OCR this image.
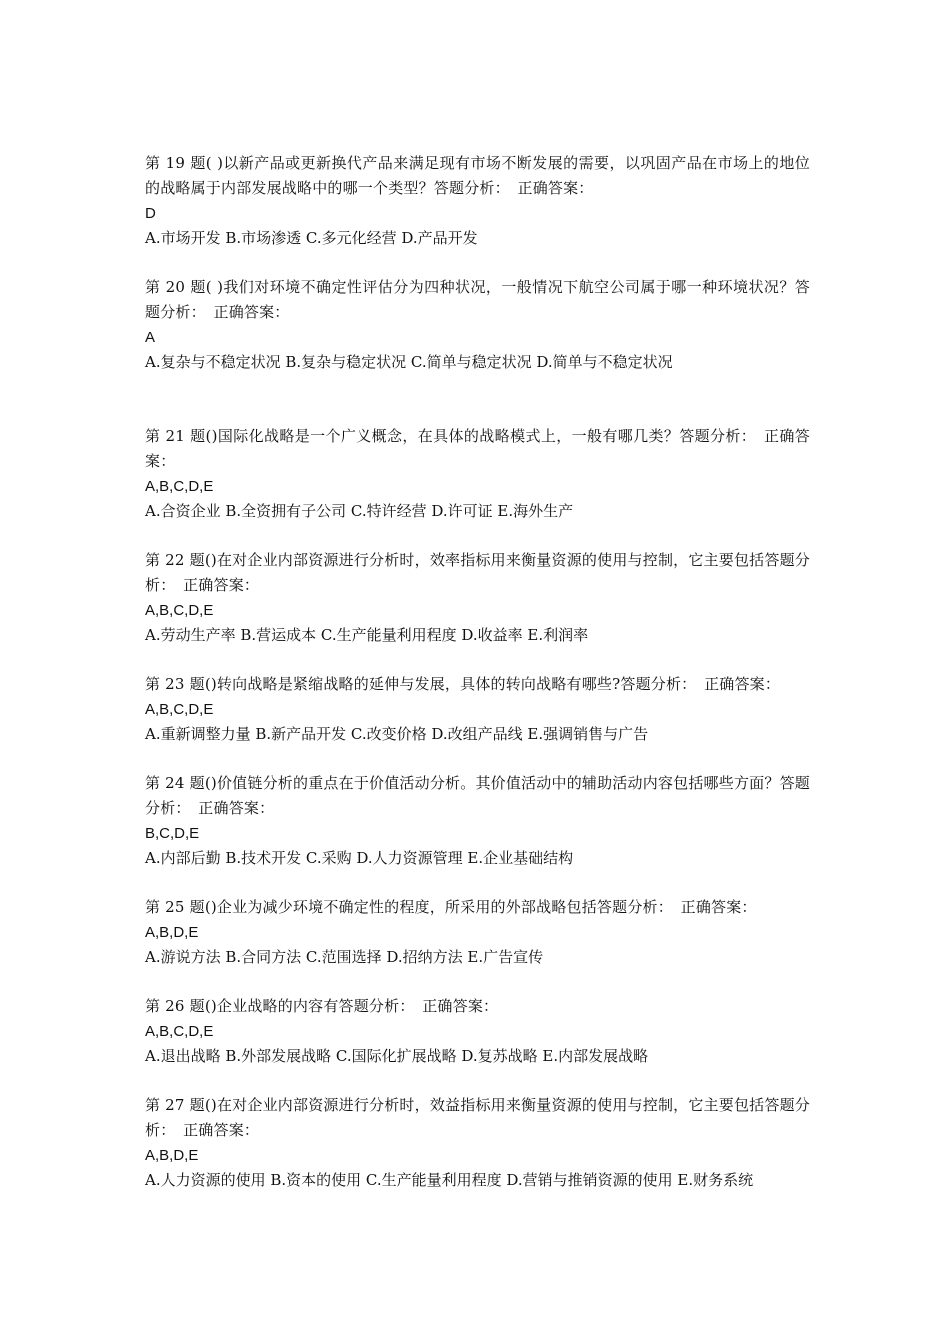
第 19 题( )以新产品或更新换代产品来满足现有市场不断发展的需要，以巩固产品在市场上的地位的战略属于内部发展战略中的哪一个类型？答题分析：　正确答案：

D

A.市场开发 B.市场渗透 C.多元化经营 D.产品开发

第 20 题( )我们对环境不确定性评估分为四种状况，一般情况下航空公司属于哪一种环境状况？答题分析：　正确答案：

A

A.复杂与不稳定状况 B.复杂与稳定状况 C.简单与稳定状况 D.简单与不稳定状况

第 21 题()国际化战略是一个广义概念，在具体的战略模式上，一般有哪几类？答题分析：　正确答案：

A,B,C,D,E

A.合资企业 B.全资拥有子公司 C.特许经营 D.许可证 E.海外生产

第 22 题()在对企业内部资源进行分析时，效率指标用来衡量资源的使用与控制，它主要包括答题分析：　正确答案：

A,B,C,D,E

A.劳动生产率 B.营运成本 C.生产能量利用程度 D.收益率 E.利润率

第 23 题()转向战略是紧缩战略的延伸与发展，具体的转向战略有哪些?答题分析：　正确答案：

A,B,C,D,E

A.重新调整力量 B.新产品开发 C.改变价格 D.改组产品线 E.强调销售与广告

第 24 题()价值链分析的重点在于价值活动分析。其价值活动中的辅助活动内容包括哪些方面？答题分析：　正确答案：

B,C,D,E

A.内部后勤 B.技术开发 C.采购 D.人力资源管理 E.企业基础结构

第 25 题()企业为减少环境不确定性的程度，所采用的外部战略包括答题分析：　正确答案：

A,B,D,E

A.游说方法 B.合同方法 C.范围选择 D.招纳方法 E.广告宣传

第 26 题()企业战略的内容有答题分析：　正确答案：

A,B,C,D,E

A.退出战略 B.外部发展战略 C.国际化扩展战略 D.复苏战略 E.内部发展战略

第 27 题()在对企业内部资源进行分析时，效益指标用来衡量资源的使用与控制，它主要包括答题分析：　正确答案：

A,B,D,E

A.人力资源的使用 B.资本的使用 C.生产能量利用程度 D.营销与推销资源的使用 E.财务系统
